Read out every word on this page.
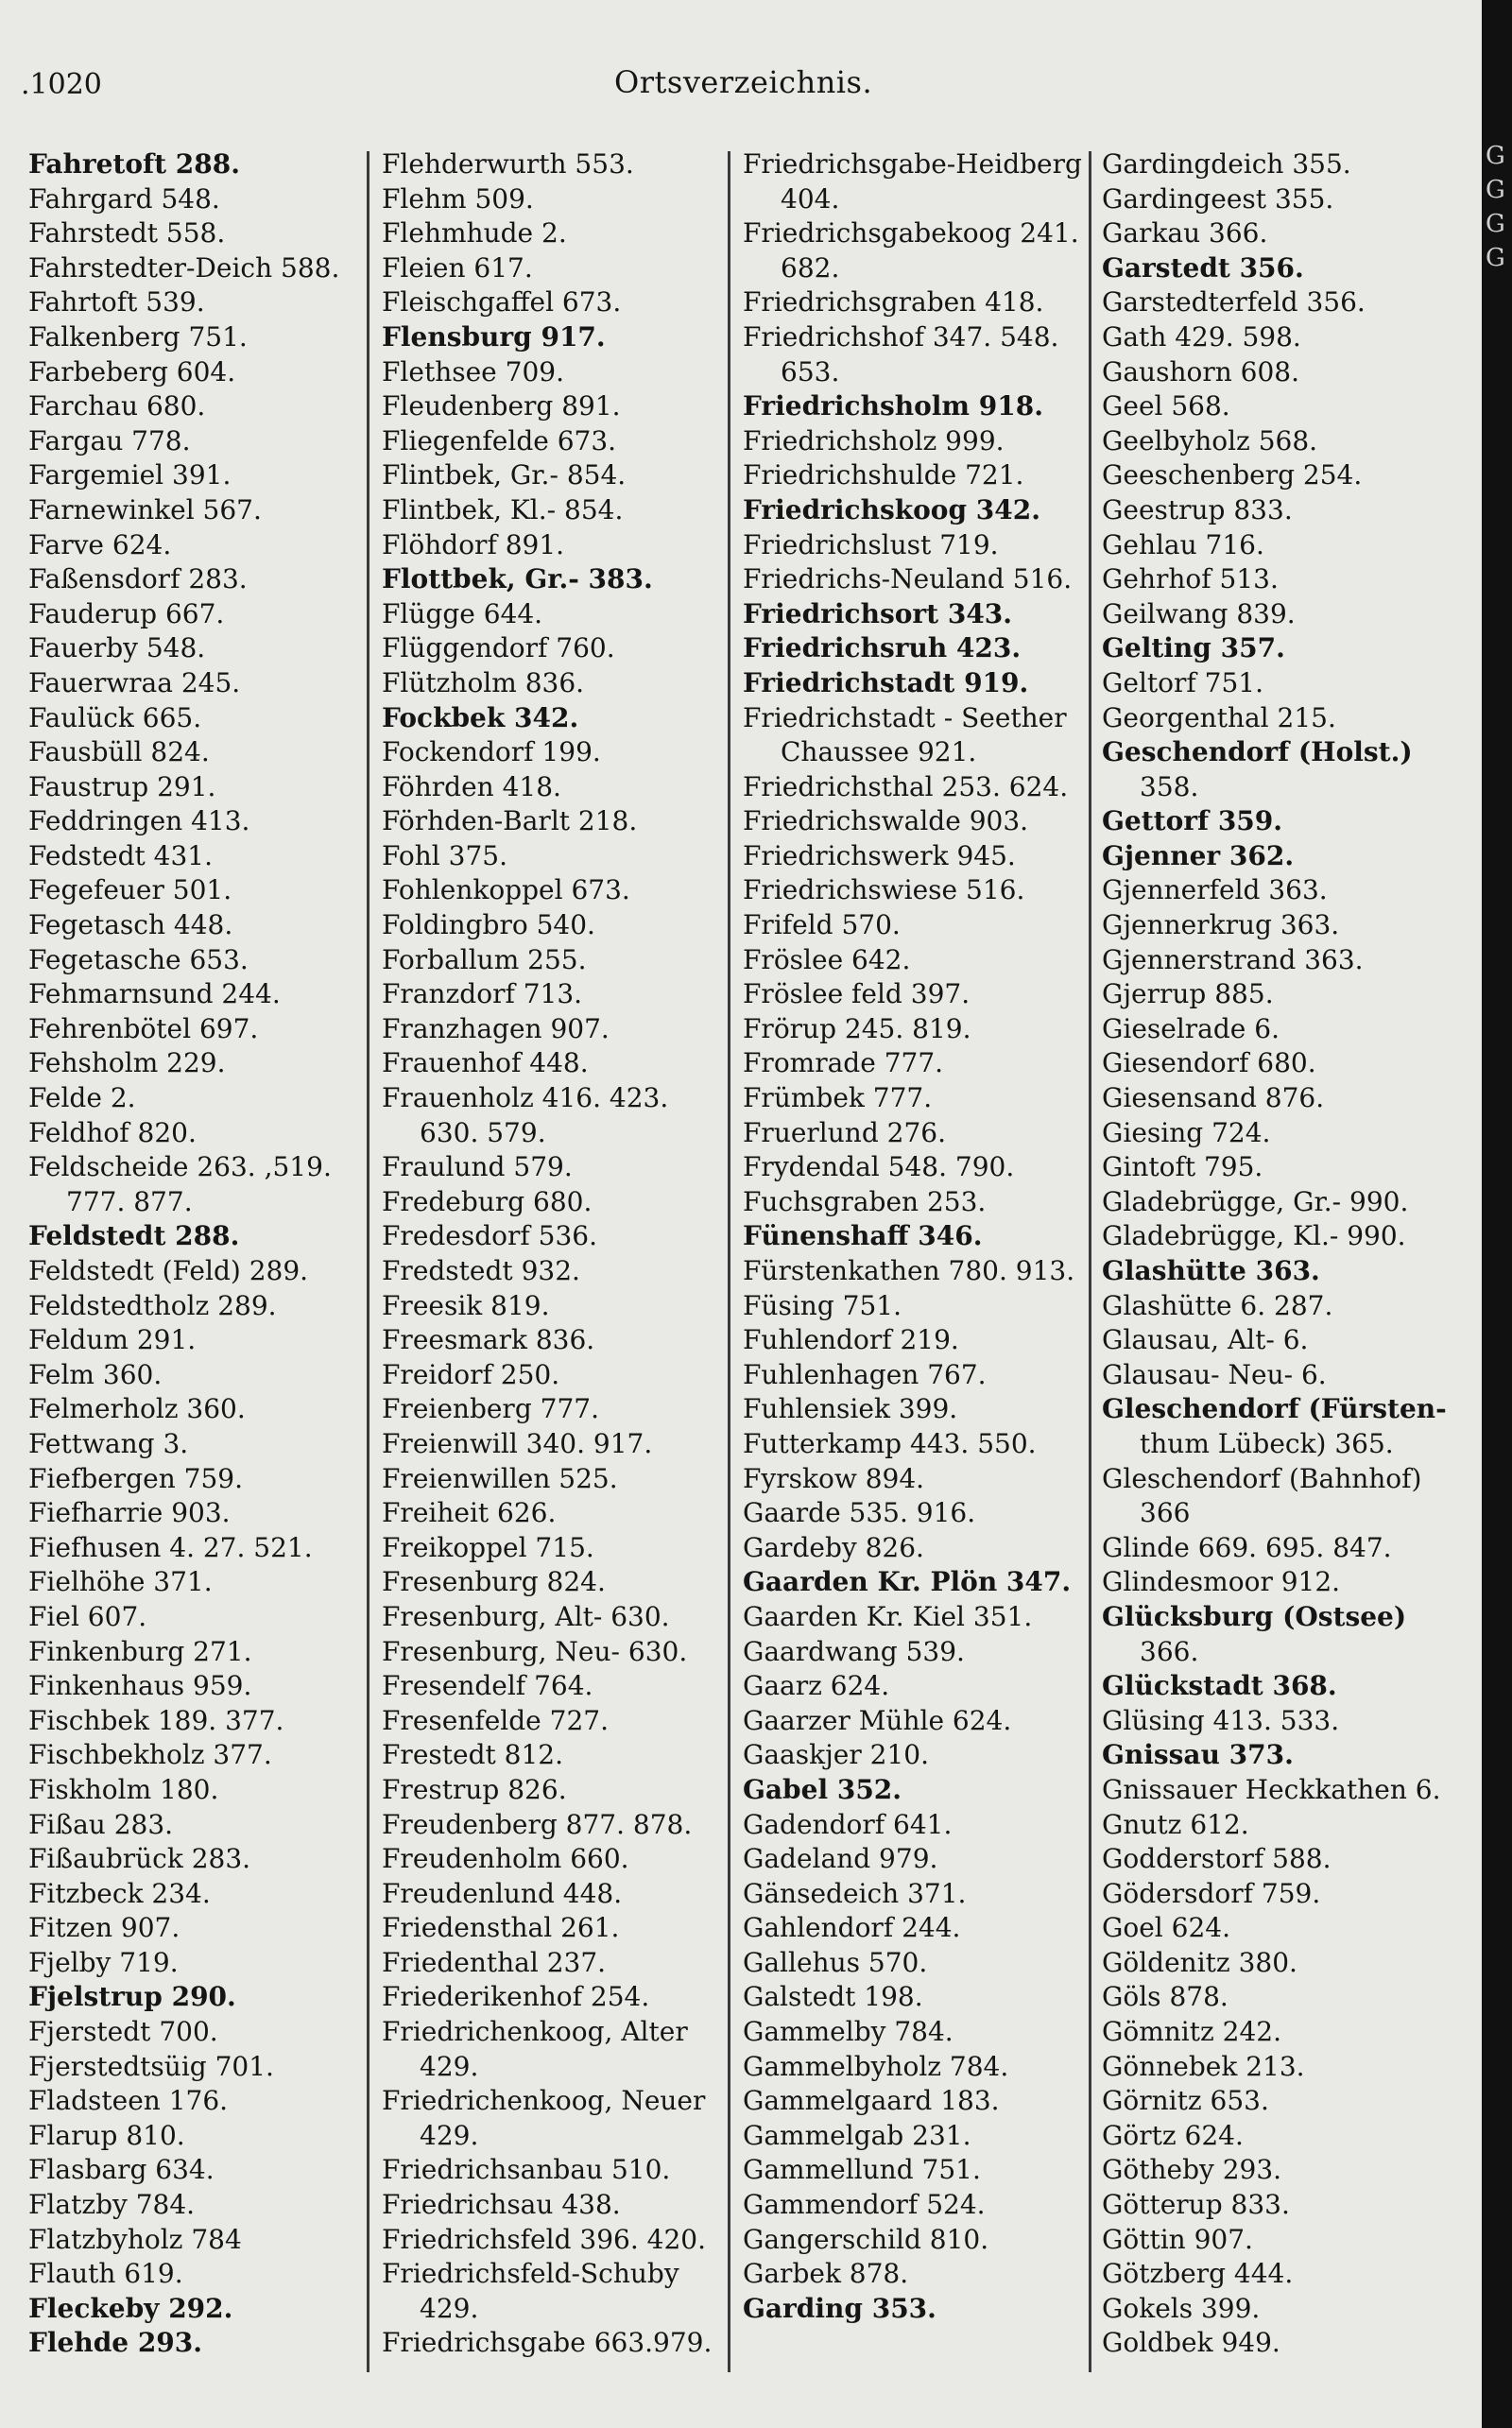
.1020	Ortsverzeichnis.
Fahretoft 288.
Fahrgard 548.
Fahrstedt 558.
Fahrstedter-Deich 588.
Fahrtoft 539.
Falkenberg 751.
Farbeberg 604.
Farchau 680.
Fargau 778.
Fargemiel 391.
Farnewinkel 567.
Farve 624.
Faßensdorf 283.
Fauderup 667.
Fauerby 548.
Fauerwraa 245.
Faulück 665.
Fausbüll 824.
Faustrup 291.
Feddringen 413.
Fedstedt 431.
Fegefeuer 501.
Fegetasch 448.
Fegetasche 653.
Fehmarnsund 244.
Fehrenbötel 697.
Fehsholm 229.
Felde 2.
Feldhof 820.
Feldscheide 263. ,519.
777. 877.
Feldstedt 288.
Feldstedt (Feld) 289.
Feldstedtholz 289.
Feldum 291.
Felm 360.
Felmerholz 360.
Fettwang 3.
Fiefbergen 759.
Fiefharrie 903.
Fiefhusen 4. 27. 521.
Fielhöhe 371.
Fiel 607.
Finkenburg 271.
Finkenhaus 959.
Fischbek 189. 377.
Fischbekholz 377.
Fiskholm 180.
Fißau 283.
Fißaubrück 283.
Fitzbeck 234.
Fitzen 907.
Fjelby 719.
Fjelstrup 290.
Fjerstedt 700.
Fjerstedtsüig 701.
Fladsteen 176.
Flarup 810.
Flasbarg 634.
Flatzby 784.
Flatzbyholz 784
Flauth 619.
Fleckeby 292.
Flehde 293.
Flehderwurth 553.
Flehm 509.
Flehmhude 2.
Fleien 617.
Fleischgaffel 673.
Flensburg 917.
Flethsee 709.
Fleudenberg 891.
Fliegenfelde 673.
Flintbek, Gr.- 854.
Flintbek, Kl.- 854.
Flöhdorf 891.
Flottbek, Gr.- 383.
Flügge 644.
Flüggendorf 760.
Flützholm 836.
Fockbek 342.
Fockendorf 199.
Föhrden 418.
Förhden-Barlt 218.
Fohl 375.
Fohlenkoppel 673.
Foldingbro 540.
Forballum 255.
Franzdorf 713.
Franzhagen 907.
Frauenhof 448.
Frauenholz 416. 423.
630. 579.
Fraulund 579.
Fredeburg 680.
Fredesdorf 536.
Fredstedt 932.
Freesik 819.
Freesmark 836.
Freidorf 250.
Freienberg 777.
Freienwill 340. 917.
Freienwillen 525.
Freiheit 626.
Freikoppel 715.
Fresenburg 824.
Fresenburg, Alt- 630.
Fresenburg, Neu- 630.
Fresendelf 764.
Fresenfelde 727.
Frestedt 812.
Frestrup 826.
Freudenberg 877. 878.
Freudenholm 660.
Freudenlund 448.
Friedensthal 261.
Friedenthal 237.
Friederikenhof 254.
Friedrichenkoog, Alter
429.
Friedrichenkoog, Neuer
429.
Friedrichsanbau 510.
Friedrichsau 438.
Friedrichsfeld 396. 420.
Friedrichsfeld-Schuby
429.
Friedrichsgabe 663.979.
Friedrichsgabe-Heidberg
404.
Friedrichsgabekoog 241.
682.
Friedrichsgraben 418.
Friedrichshof 347. 548.
653.
Friedrichsholm 918.
Friedrichsholz 999.
Friedrichshulde 721.
Friedrichskoog 342.
Friedrichslust 719.
Friedrichs-Neuland 516.
Friedrichsort 343.
Friedrichsruh 423.
Friedrichstadt 919.
Friedrichstadt - Seether
Chaussee 921.
Friedrichsthal 253. 624.
Friedrichswalde 903.
Friedrichswerk 945.
Friedrichswiese 516.
Frifeld 570.
Fröslee 642.
Fröslee feld 397.
Frörup 245. 819.
Fromrade 777.
Frümbek 777.
Fruerlund 276.
Frydendal 548. 790.
Fuchsgraben 253.
Fünenshaff 346.
Fürstenkathen 780. 913.
Füsing 751.
Fuhlendorf 219.
Fuhlenhagen 767.
Fuhlensiek 399.
Futterkamp 443. 550.
Fyrskow 894.
Gaarde 535. 916.
Gardeby 826.
Gaarden Kr. Plön 347.
Gaarden Kr. Kiel 351.
Gaardwang 539.
Gaarz 624.
Gaarzer Mühle 624.
Gaaskjer 210.
Gabel 352.
Gadendorf 641.
Gadeland 979.
Gänsedeich 371.
Gahlendorf 244.
Gallehus 570.
Galstedt 198.
Gammelby 784.
Gammelbyholz 784.
Gammelgaard 183.
Gammelgab 231.
Gammellund 751.
Gammendorf 524.
Gangerschild 810.
Garbek 878.
Garding 353.
Gardingdeich 355.
Gardingeest 355.
Garkau 366.
Garstedt 356.
Garstedterfeld 356.
Gath 429. 598.
Gaushorn 608.
Geel 568.
Geelbyholz 568.
Geeschenberg 254.
Geestrup 833.
Gehlau 716.
Gehrhof 513.
Geilwang 839.
Gelting 357.
Geltorf 751.
Georgenthal 215.
Geschendorf (Holst.)
358.
Gettorf 359.
Gjenner 362.
Gjennerfeld 363.
Gjennerkrug 363.
Gjennerstrand 363.
Gjerrup 885.
Gieselrade 6.
Giesendorf 680.
Giesensand 876.
Giesing 724.
Gintoft 795.
Gladebrügge, Gr.- 990.
Gladebrügge, Kl.- 990.
Glashütte 363.
Glashütte 6. 287.
Glausau, Alt- 6.
Glausau- Neu- 6.
Gleschendorf (Fürsten-
thum Lübeck) 365.
Gleschendorf (Bahnhof)
366
Glinde 669. 695. 847.
Glindesmoor 912.
Glücksburg (Ostsee)
366.
Glückstadt 368.
Glüsing 413. 533.
Gnissau 373.
Gnissauer Heckkathen 6.
Gnutz 612.
Godderstorf 588.
Gödersdorf 759.
Goel 624.
Göldenitz 380.
Göls 878.
Gömnitz 242.
Gönnebek 213.
Görnitz 653.
Görtz 624.
Götheby 293.
Götterup 833.
Göttin 907.
Götzberg 444.
Gokels 399.
Goldbek 949.
G
G
G
G
